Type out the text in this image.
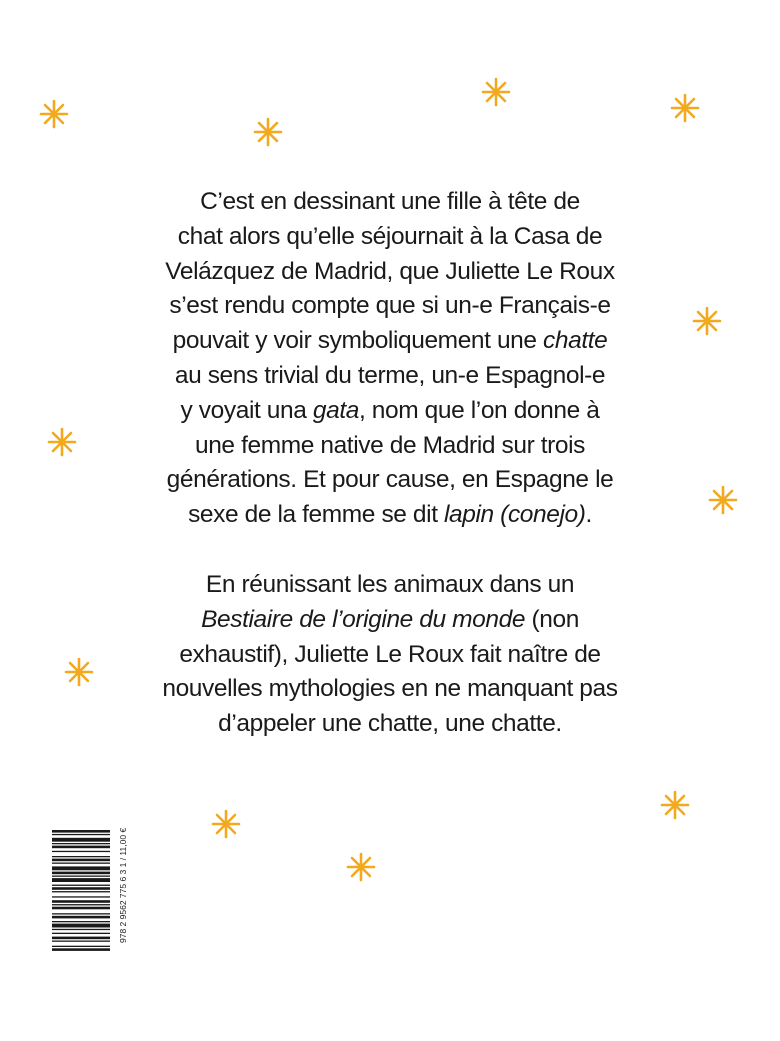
C’est en dessinant une fille à tête de
chat alors qu’elle séjournait à la Casa de
Velázquez de Madrid, que Juliette Le Roux
s’est rendu compte que si un-e Français-e
pouvait y voir symboliquement une chatte
au sens trivial du terme, un-e Espagnol-e
y voyait una gata, nom que l’on donne à
une femme native de Madrid sur trois
générations. Et pour cause, en Espagne le
sexe de la femme se dit lapin (conejo).

En réunissant les animaux dans un
Bestiaire de l’origine du monde (non
exhaustif), Juliette Le Roux fait naître de
nouvelles mythologies en ne manquant pas
d’appeler une chatte, une chatte.

978 2 9562 775 6 3 1 / 11,00 €
